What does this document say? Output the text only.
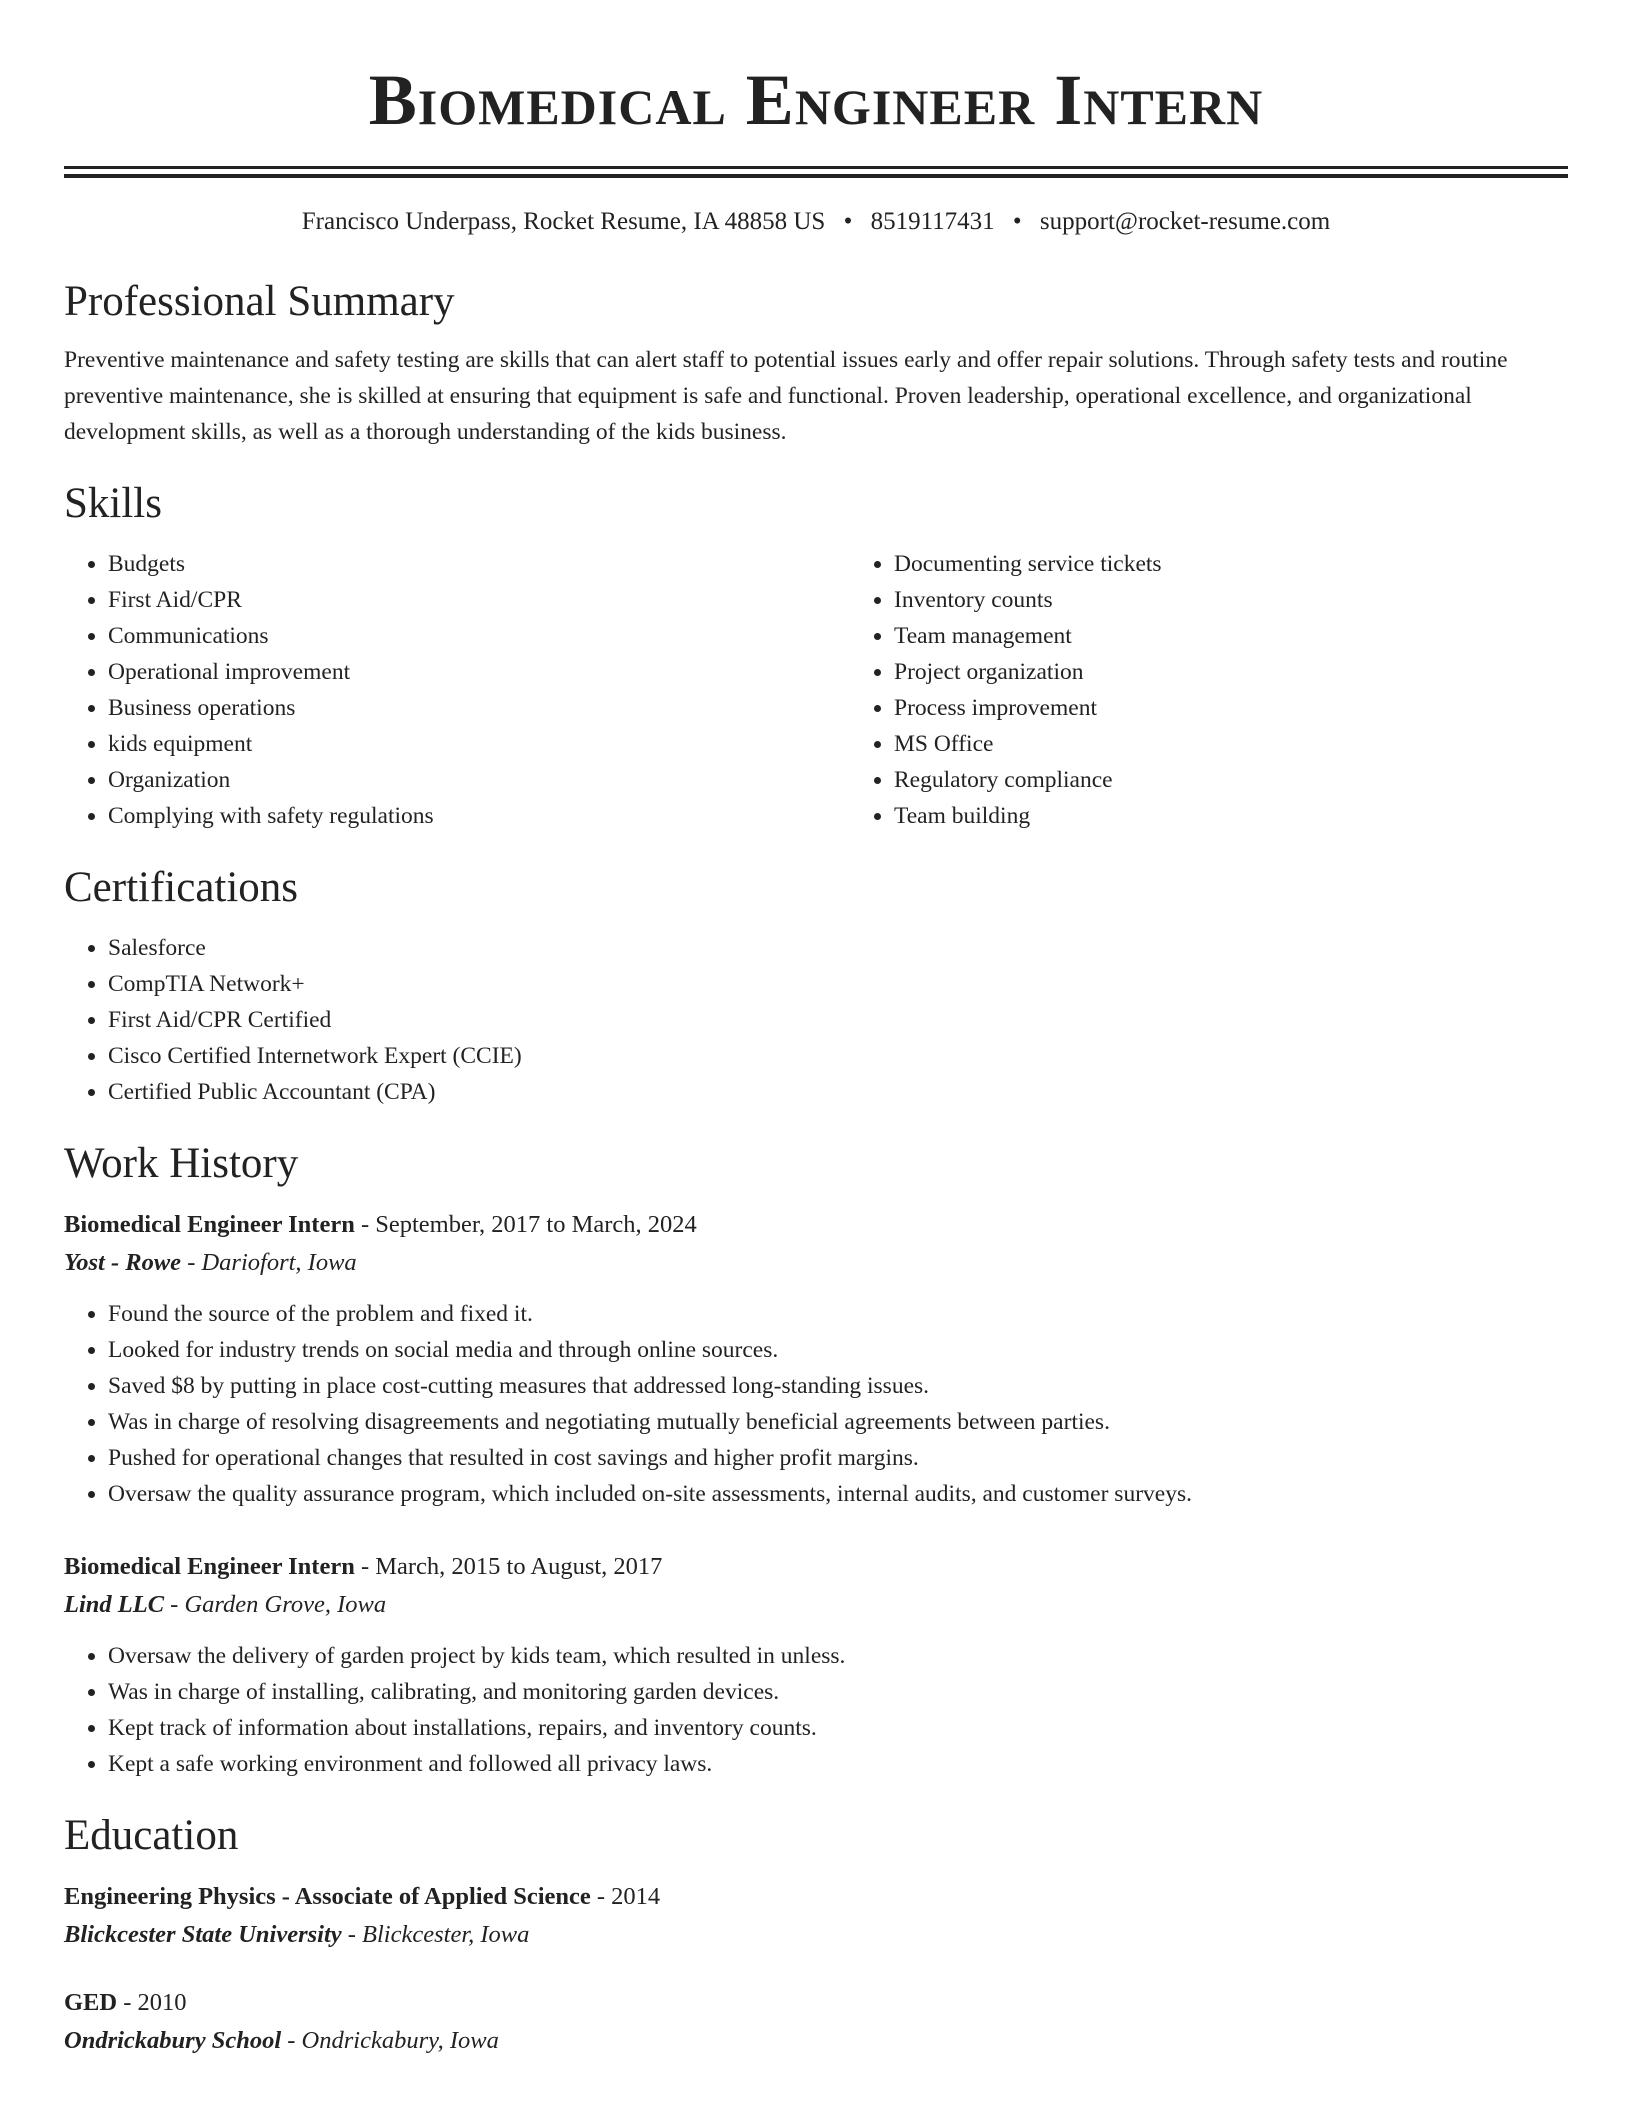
Biomedical Engineer Intern
Francisco Underpass, Rocket Resume, IA 48858 US • 8519117431 • support@rocket-resume.com
Professional Summary
Preventive maintenance and safety testing are skills that can alert staff to potential issues early and offer repair solutions. Through safety tests and routine preventive maintenance, she is skilled at ensuring that equipment is safe and functional. Proven leadership, operational excellence, and organizational development skills, as well as a thorough understanding of the kids business.
Skills
• Budgets
• First Aid/CPR
• Communications
• Operational improvement
• Business operations
• kids equipment
• Organization
• Complying with safety regulations
• Documenting service tickets
• Inventory counts
• Team management
• Project organization
• Process improvement
• MS Office
• Regulatory compliance
• Team building
Certifications
• Salesforce
• CompTIA Network+
• First Aid/CPR Certified
• Cisco Certified Internetwork Expert (CCIE)
• Certified Public Accountant (CPA)
Work History
Biomedical Engineer Intern - September, 2017 to March, 2024
Yost - Rowe - Dariofort, Iowa
• Found the source of the problem and fixed it.
• Looked for industry trends on social media and through online sources.
• Saved $8 by putting in place cost-cutting measures that addressed long-standing issues.
• Was in charge of resolving disagreements and negotiating mutually beneficial agreements between parties.
• Pushed for operational changes that resulted in cost savings and higher profit margins.
• Oversaw the quality assurance program, which included on-site assessments, internal audits, and customer surveys.
Biomedical Engineer Intern - March, 2015 to August, 2017
Lind LLC - Garden Grove, Iowa
• Oversaw the delivery of garden project by kids team, which resulted in unless.
• Was in charge of installing, calibrating, and monitoring garden devices.
• Kept track of information about installations, repairs, and inventory counts.
• Kept a safe working environment and followed all privacy laws.
Education
Engineering Physics - Associate of Applied Science - 2014
Blickcester State University - Blickcester, Iowa
GED - 2010
Ondrickabury School - Ondrickabury, Iowa
